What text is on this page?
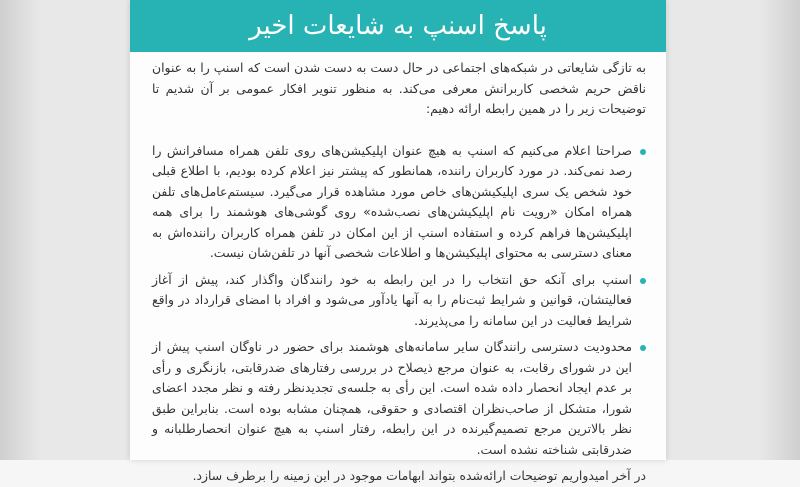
پاسخ اسنپ به شایعات اخیر

به تازگی شایعاتی در شبکه‌های اجتماعی در حال دست به دست شدن است که اسنپ را به عنوان ناقض حریم شخصی کاربرانش معرفی می‌کند. به منظور تنویر افکار عمومی بر آن شدیم تا توضیحات زیر را در همین رابطه ارائه دهیم:

صراحتا اعلام می‌کنیم که اسنپ به هیچ عنوان اپلیکیشن‌های روی تلفن همراه مسافرانش را رصد نمی‌کند. در مورد کاربران راننده، همانطور که پیشتر نیز اعلام کرده بودیم، با اطلاع قبلی خود شخص یک سری اپلیکیشن‌های خاص مورد مشاهده قرار می‌گیرد. سیستم‌عامل‌های تلفن همراه امکان «رویت نام اپلیکیشن‌های نصب‌شده» روی گوشی‌های هوشمند را برای همه اپلیکیشن‌ها فراهم کرده و استفاده اسنپ از این امکان در تلفن همراه کاربران راننده‌اش به معنای دسترسی به محتوای اپلیکیشن‌ها و اطلاعات شخصی آنها در تلفن‌شان نیست.
اسنپ برای آنکه حق انتخاب را در این رابطه به خود رانندگان واگذار کند، پیش از آغاز فعالیتشان، قوانین و شرایط ثبت‌نام را به آنها یادآور می‌شود و افراد با امضای قرارداد در واقع شرایط فعالیت در این سامانه را می‌پذیرند.
محدودیت دسترسی رانندگان سایر سامانه‌های هوشمند برای حضور در ناوگان اسنپ پیش از این در شورای رقابت، به عنوان مرجع ذیصلاح در بررسی رفتارهای ضدرقابتی، بازنگری و رأی بر عدم ایجاد انحصار داده شده است. این رأی به جلسه‌ی تجدیدنظر رفته و نظر مجدد اعضای شورا، متشکل از صاحب‌نظران اقتصادی و حقوقی، همچنان مشابه بوده است. بنابراین طبق نظر بالاترین مرجع تصمیم‌گیرنده در این رابطه، رفتار اسنپ به هیچ عنوان انحصارطلبانه و ضدرقابتی شناخته نشده است.

در آخر امیدواریم توضیحات ارائه‌شده بتواند ابهامات موجود در این زمینه را برطرف سازد.
